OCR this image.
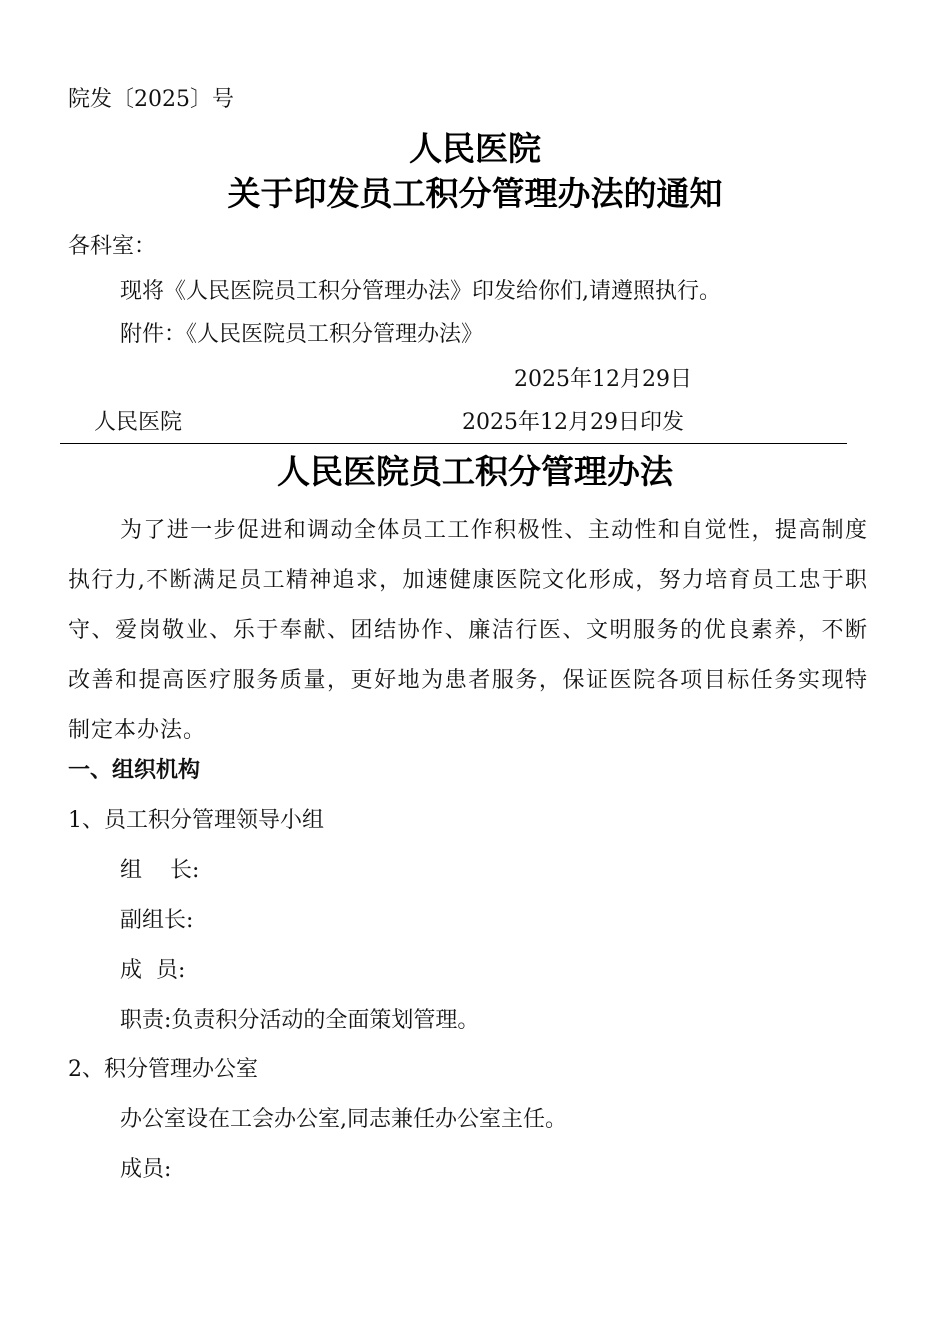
院发〔2025〕号
人民医院
关于印发员工积分管理办法的通知
各科室：
现将《人民医院员工积分管理办法》印发给你们,请遵照执行。
附件：《人民医院员工积分管理办法》
2025年12月29日
人民医院	2025年12月29日印发
人民医院员工积分管理办法

为了进一步促进和调动全体员工工作积极性、主动性和自觉性，提高制度执行力,不断满足员工精神追求，加速健康医院文化形成，努力培育员工忠于职守、爱岗敬业、乐于奉献、团结协作、廉洁行医、文明服务的优良素养，不断改善和提高医疗服务质量，更好地为患者服务，保证医院各项目标任务实现特制定本办法。

一、组织机构
1、员工积分管理领导小组
组    长:
副组长:
成  员:
职责:负责积分活动的全面策划管理。
2、积分管理办公室
办公室设在工会办公室,同志兼任办公室主任。
成员:
